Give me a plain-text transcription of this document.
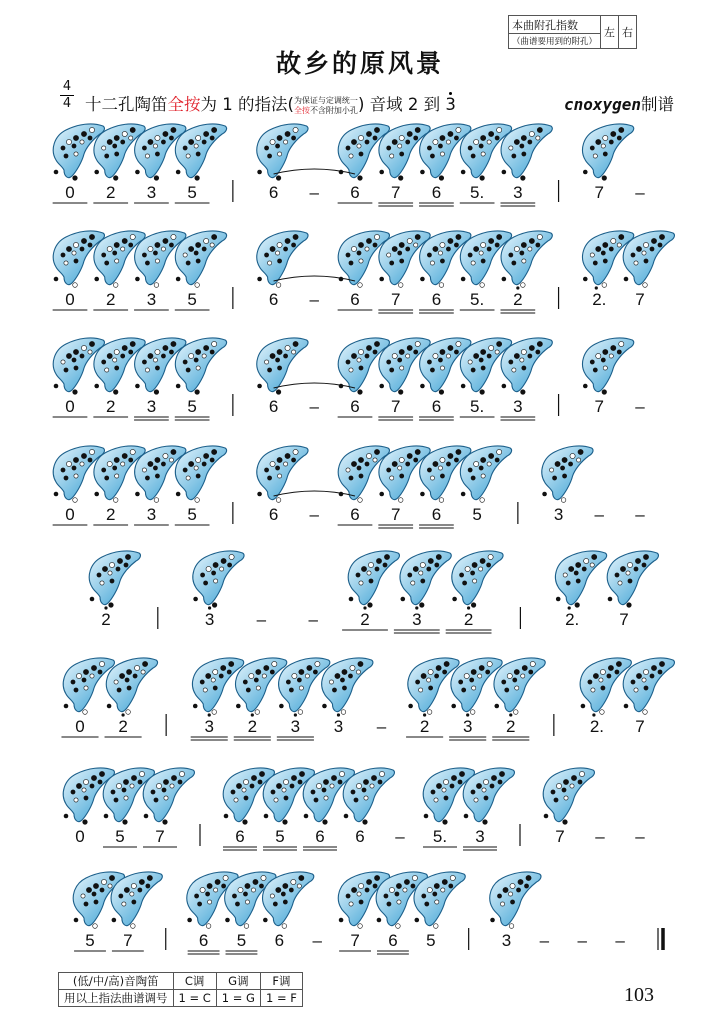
本曲附孔指数	左	右
（曲谱要用到的附孔）
故乡的原风景
4
4 十二孔陶笛全按为 1 的指法(为保证与定调统一
全按不含附加小孔) 音域 2 到
3	cnoxygen制谱
0 2 3 5	6 – 6 7 6 5. 3	7 –
0 2 3 5	6 – 6 7 6 5. 2	2. 7
0 2 3 5	6 – 6 7 6 5. 3	7 –
0 2 3 5	6 – 6 7 6 5	3 – –
2	3 – – 2 3 2	2. 7
0 2	3 2 3 3 – 2 3 2	2. 7
0 5 7	6 5 6 6 – 5. 3	7 – –
5 7	6 5 6 – 7 6 5	3 – – –
(低/中/高)音陶笛	C调	G调	F调
用以上指法曲谱调号	1 = C	1 = G	1 = F	103
